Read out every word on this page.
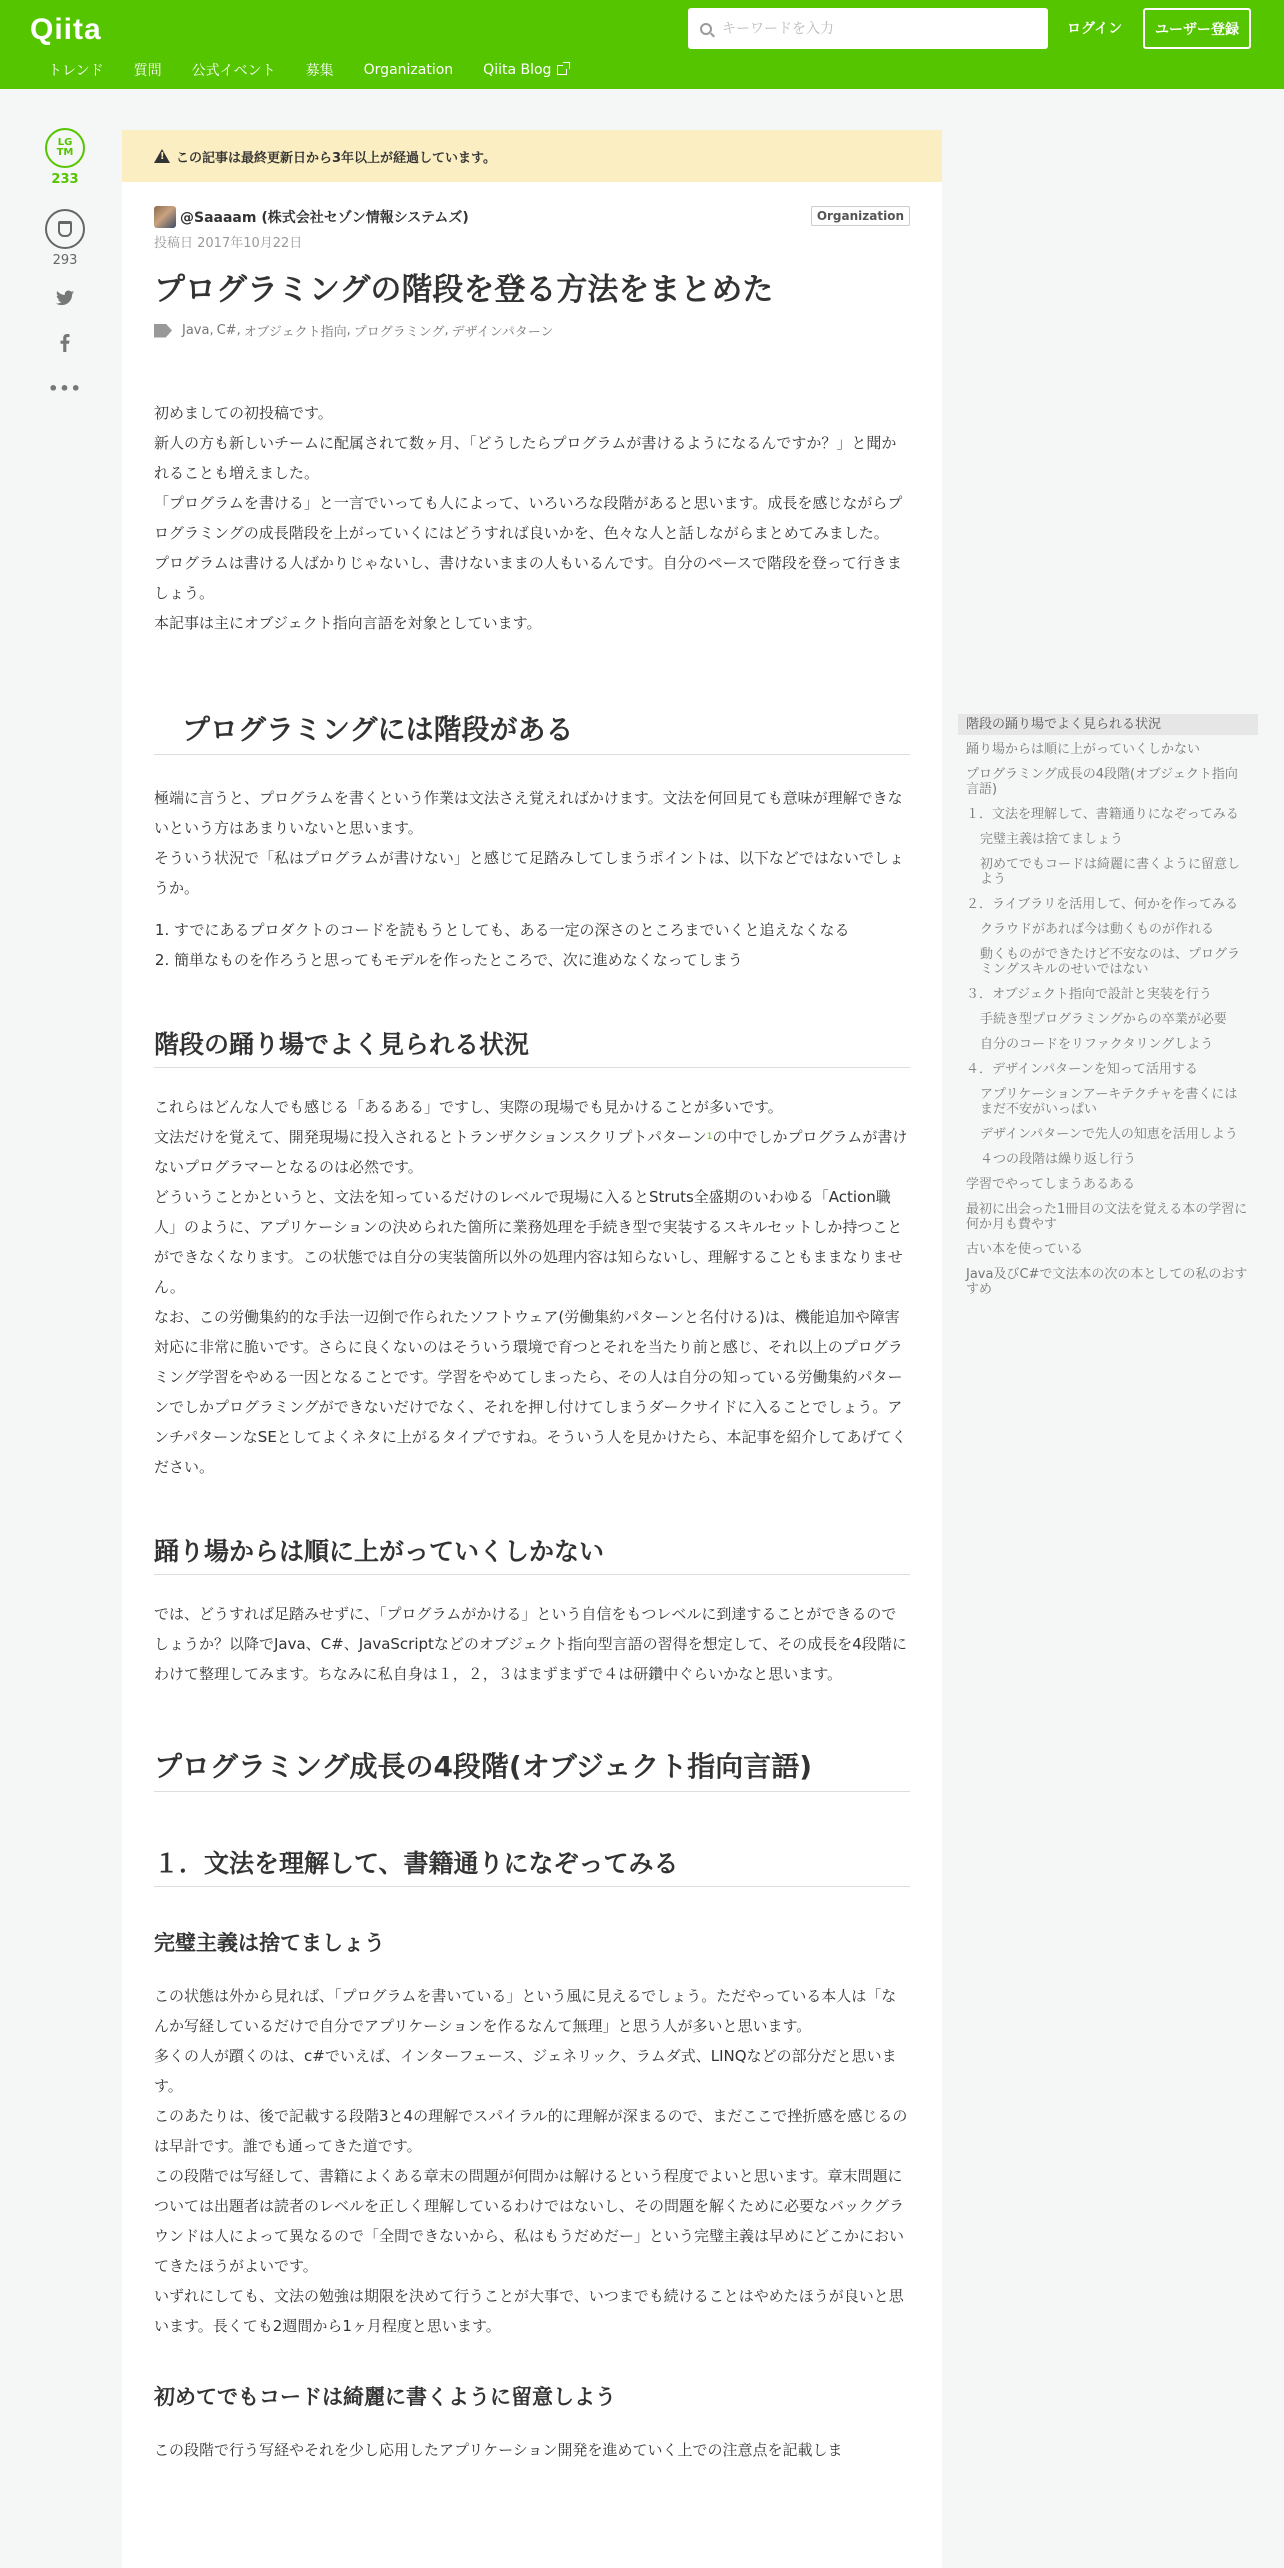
Qiita
キーワードを入力	ログイン	ユーザー登録
トレンド 質問 公式イベント 募集 Organization Qiita Blog
LG
TM
233
293
•••
!
この記事は最終更新日から3年以上が経過しています。
@Saaaam (株式会社セゾン情報システムズ)	Organization
投稿日 2017年10月22日
プログラミングの階段を登る方法をまとめた
Java , C# , オブジェクト指向 , プログラミング , デザインパターン

初めましての初投稿です。

新人の方も新しいチームに配属されて数ヶ月、「どうしたらプログラムが書けるようになるんですか？」と聞かれることも増えました。

「プログラムを書ける」と一言でいっても人によって、いろいろな段階があると思います。成長を感じながらプログラミングの成長階段を上がっていくにはどうすれば良いかを、色々な人と話しながらまとめてみました。

プログラムは書ける人ばかりじゃないし、書けないままの人もいるんです。自分のペースで階段を登って行きましょう。

本記事は主にオブジェクト指向言語を対象としています。

プログラミングには階段がある

極端に言うと、プログラムを書くという作業は文法さえ覚えればかけます。文法を何回見ても意味が理解できないという方はあまりいないと思います。

そういう状況で「私はプログラムが書けない」と感じて足踏みしてしまうポイントは、以下などではないでしょうか。

1. すでにあるプロダクトのコードを読もうとしても、ある一定の深さのところまでいくと追えなくなる
2. 簡単なものを作ろうと思ってもモデルを作ったところで、次に進めなくなってしまう
階段の踊り場でよく見られる状況

これらはどんな人でも感じる「あるある」ですし、実際の現場でも見かけることが多いです。

文法だけを覚えて、開発現場に投入されるとトランザクションスクリプトパターン$^1$の中でしかプログラムが書けないプログラマーとなるのは必然です。

どういうことかというと、文法を知っているだけのレベルで現場に入るとStruts全盛期のいわゆる「Action職人」のように、アプリケーションの決められた箇所に業務処理を手続き型で実装するスキルセットしか持つことができなくなります。この状態では自分の実装箇所以外の処理内容は知らないし、理解することもままなりません。

なお、この労働集約的な手法一辺倒で作られたソフトウェア(労働集約パターンと名付ける)は、機能追加や障害対応に非常に脆いです。さらに良くないのはそういう環境で育つとそれを当たり前と感じ、それ以上のプログラミング学習をやめる一因となることです。学習をやめてしまったら、その人は自分の知っている労働集約パターンでしかプログラミングができないだけでなく、それを押し付けてしまうダークサイドに入ることでしょう。アンチパターンなSEとしてよくネタに上がるタイプですね。そういう人を見かけたら、本記事を紹介してあげてください。

踊り場からは順に上がっていくしかない

では、どうすれば足踏みせずに、「プログラムがかける」という自信をもつレベルに到達することができるのでしょうか？以降でJava、C#、JavaScriptなどのオブジェクト指向型言語の習得を想定して、その成長を4段階にわけて整理してみます。ちなみに私自身は１，２，３はまずまずで４は研鑽中ぐらいかなと思います。

プログラミング成長の4段階(オブジェクト指向言語)
１．文法を理解して、書籍通りになぞってみる
完璧主義は捨てましょう

この状態は外から見れば、「プログラムを書いている」という風に見えるでしょう。ただやっている本人は「なんか写経しているだけで自分でアプリケーションを作るなんて無理」と思う人が多いと思います。

多くの人が躓くのは、c#でいえば、インターフェース、ジェネリック、ラムダ式、LINQなどの部分だと思います。

このあたりは、後で記載する段階3と4の理解でスパイラル的に理解が深まるので、まだここで挫折感を感じるのは早計です。誰でも通ってきた道です。

この段階では写経して、書籍によくある章末の問題が何問かは解けるという程度でよいと思います。章末問題については出題者は読者のレベルを正しく理解しているわけではないし、その問題を解くために必要なバックグラウンドは人によって異なるので「全問できないから、私はもうだめだー」という完璧主義は早めにどこかにおいてきたほうがよいです。

いずれにしても、文法の勉強は期限を決めて行うことが大事で、いつまでも続けることはやめたほうが良いと思います。長くても2週間から1ヶ月程度と思います。

初めてでもコードは綺麗に書くように留意しよう

この段階で行う写経やそれを少し応用したアプリケーション開発を進めていく上での注意点を記載しま

階段の踊り場でよく見られる状況
踊り場からは順に上がっていくしかない
プログラミング成長の4段階(オブジェクト指向言語)
１．文法を理解して、書籍通りになぞってみる
完璧主義は捨てましょう
初めてでもコードは綺麗に書くように留意しよう
２．ライブラリを活用して、何かを作ってみる
クラウドがあれば今は動くものが作れる
動くものができたけど不安なのは、プログラミングスキルのせいではない
３．オブジェクト指向で設計と実装を行う
手続き型プログラミングからの卒業が必要
自分のコードをリファクタリングしよう
４．デザインパターンを知って活用する
アプリケーションアーキテクチャを書くにはまだ不安がいっぱい
デザインパターンで先人の知恵を活用しよう
４つの段階は繰り返し行う
学習でやってしまうあるある
最初に出会った1冊目の文法を覚える本の学習に何か月も費やす
古い本を使っている
Java及びC#で文法本の次の本としての私のおすすめ
